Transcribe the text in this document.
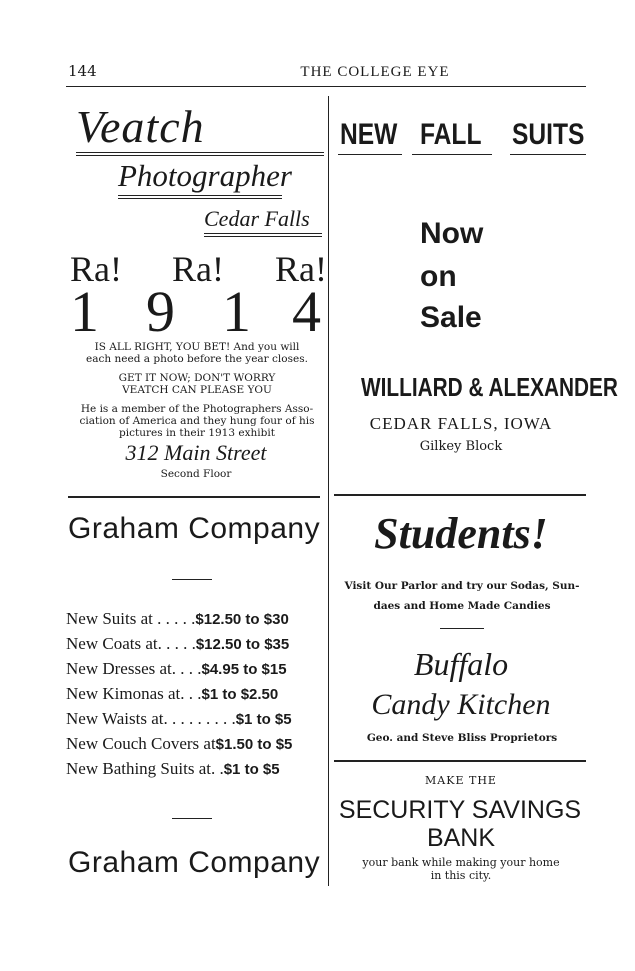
144	THE COLLEGE EYE
Veatch
Photographer
Cedar Falls
Ra! Ra! Ra!
1 9 1 4
IS ALL RIGHT, YOU BET! And you will
each need a photo before the year closes.
GET IT NOW; DON'T WORRY
VEATCH CAN PLEASE YOU
He is a member of the Photographers Asso-
ciation of America and they hung four of his
pictures in their 1913 exhibit
312 Main Street
Second Floor
Graham Company
New Suits at . . . . .$12.50 to $30
New Coats at. . . . .$12.50 to $35
New Dresses at. . . .$4.95 to $15
New Kimonas at. . .$1 to $2.50
New Waists at. . . . . . . . .$1 to $5
New Couch Covers at$1.50 to $5
New Bathing Suits at. .$1 to $5
Graham Company
NEW FALL SUITS
Now
on
Sale
WILLIARD & ALEXANDER
CEDAR FALLS, IOWA
Gilkey Block
Students!
Visit Our Parlor and try our Sodas, Sun-
daes and Home Made Candies
Buffalo
Candy Kitchen
Geo. and Steve Bliss Proprietors
MAKE THE
SECURITY SAVINGS
BANK
your bank while making your home
in this city.
